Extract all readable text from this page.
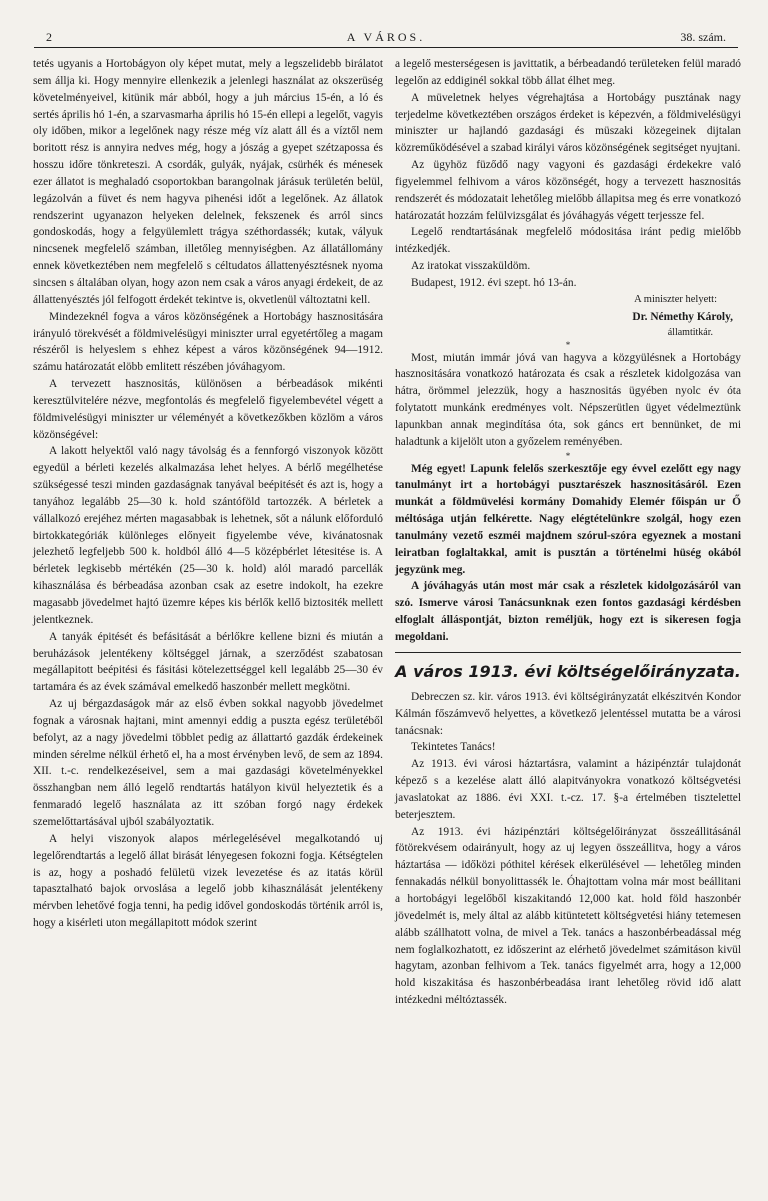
2	A VÁROS.	38. szám.

tetés ugyanis a Hortobágyon oly képet mutat, mely a legszelidebb birálatot sem állja ki. Hogy mennyire ellenkezik a jelenlegi használat az okszerüség követelményeivel, kitünik már abból, hogy a juh március 15-én, a ló és sertés április hó 1-én, a szarvasmarha április hó 15-én ellepi a legelőt, vagyis oly időben, mikor a legelőnek nagy része még víz alatt áll és a víztől nem boritott rész is annyira nedves még, hogy a jószág a gyepet szétzapossa és hosszu időre tönkreteszi. A csordák, gulyák, nyájak, csürhék és ménesek ezer állatot is meghaladó csoportokban barangolnak járásuk területén belül, legázolván a füvet és nem hagyva pihenési időt a legelőnek. Az állatok rendszerint ugyanazon helyeken delelnek, fekszenek és arról sincs gondoskodás, hogy a felgyülemlett trágya széthordassék; kutak, vályuk nincsenek megfelelő számban, illetőleg mennyiségben. Az állatállomány ennek következtében nem megfelelő s céltudatos állattenyésztésnek nyoma sincsen s általában olyan, hogy azon nem csak a város anyagi érdekeit, de az állattenyésztés jól felfogott érdekét tekintve is, okvetlenül változtatni kell.

Mindezeknél fogva a város közönségének a Hortobágy hasznositására irányuló törekvését a földmivelésügyi miniszter urral egyetértőleg a magam részéről is helyeslem s ehhez képest a város közönségének 94—1912. számu határozatát elöbb emlitett részében jóváhagyom.

A tervezett hasznositás, különösen a bérbeadások mikénti keresztülvitelére nézve, megfontolás és megfelelő figyelembevétel végett a földmivelésügyi miniszter ur véleményét a következőkben közlöm a város közönségével:

A lakott helyektől való nagy távolság és a fennforgó viszonyok között egyedül a bérleti kezelés alkalmazása lehet helyes. A bérlő megélhetése szükségessé teszi minden gazdaságnak tanyával beépitését és azt is, hogy a tanyához legalább 25—30 k. hold szántóföld tartozzék. A bérletek a vállalkozó erejéhez mérten magasabbak is lehetnek, sőt a nálunk előforduló birtokkategóriák különleges előnyeit figyelembe véve, kivánatosnak jelezhető legfeljebb 500 k. holdból álló 4—5 középbérlet létesitése is. A bérletek legkisebb mértékén (25—30 k. hold) alól maradó parcellák kihasználása és bérbeadása azonban csak az esetre indokolt, ha ezekre magasabb jövedelmet hajtó üzemre képes kis bérlők kellő biztositék mellett jelentkeznek.

A tanyák épitését és befásitását a bérlőkre kellene bizni és miután a beruházások jelentékeny költséggel járnak, a szerződést szabatosan megállapitott beépitési és fásitási kötelezettséggel kell legalább 25—30 év tartamára és az évek számával emelkedő haszonbér mellett megkötni.

Az uj bérgazdaságok már az első évben sokkal nagyobb jövedelmet fognak a városnak hajtani, mint amennyi eddig a puszta egész területéből befolyt, az a nagy jövedelmi többlet pedig az állattartó gazdák érdekeinek minden sérelme nélkül érhető el, ha a most érvényben levő, de sem az 1894. XII. t.-c. rendelkezéseivel, sem a mai gazdasági követelményekkel összhangban nem álló legelő rendtartás hatályon kivül helyeztetik és a fenmaradó legelő használata az itt szóban forgó nagy érdekek szemelőttartásával ujból szabályoztatik.

A helyi viszonyok alapos mérlegelésével megalkotandó uj legelőrendtartás a legelő állat birását lényegesen fokozni fogja. Kétségtelen is az, hogy a poshadó felületü vizek levezetése és az itatás körül tapasztalható bajok orvoslása a legelő jobb kihasználását jelentékeny mérvben lehetővé fogja tenni, ha pedig idővel gondoskodás történik arról is, hogy a kisérleti uton megállapitott módok szerint

a legelő mesterségesen is javittatik, a bérbeadandó területeken felül maradó legelőn az eddiginél sokkal több állat élhet meg.

A müveletnek helyes végrehajtása a Hortobágy pusztának nagy terjedelme következtében országos érdeket is képezvén, a földmivelésügyi miniszter ur hajlandó gazdasági és müszaki közegeinek dijtalan közreműködésével a szabad királyi város közönségének segitséget nyujtani.

Az ügyhöz füződő nagy vagyoni és gazdasági érdekekre való figyelemmel felhivom a város közönségét, hogy a tervezett hasznositás rendszerét és módozatait lehetőleg mielőbb állapitsa meg és erre vonatkozó határozatát hozzám felülvizsgálat és jóváhagyás végett terjessze fel.

Legelő rendtartásának megfelelő módositása iránt pedig mielőbb intézkedjék.

Az iratokat visszaküldöm.

Budapest, 1912. évi szept. hó 13-án.

A miniszter helyett:

Dr. Némethy Károly,

államtitkár.

*

Most, miután immár jóvá van hagyva a közgyülésnek a Hortobágy hasznositására vonatkozó határozata és csak a részletek kidolgozása van hátra, örömmel jelezzük, hogy a hasznositás ügyében nyolc év óta folytatott munkánk eredményes volt. Népszerütlen ügyet védelmeztünk lapunkban annak megindítása óta, sok gáncs ert bennünket, de mi haladtunk a kijelölt uton a győzelem reményében.

*

Még egyet! Lapunk felelős szerkesztője egy évvel ezelőtt egy nagy tanulmányt irt a hortobágyi pusztarészek hasznositásáról. Ezen munkát a földmüvelési kormány Domahidy Elemér főispán ur Ő méltósága utján felkérette. Nagy elégtételünkre szolgál, hogy ezen tanulmány vezető eszméi majdnem szórul-szóra egyeznek a mostani leiratban foglaltakkal, amit is pusztán a történelmi hüség okából jegyzünk meg.

A jóváhagyás után most már csak a részletek kidolgozásáról van szó. Ismerve városi Tanácsunknak ezen fontos gazdasági kérdésben elfoglalt álláspontját, bizton reméljük, hogy ezt is sikeresen fogja megoldani.

A város 1913. évi költségelőirányzata.

Debreczen sz. kir. város 1913. évi költségirányzatát elkészitvén Kondor Kálmán főszámvevő helyettes, a következő jelentéssel mutatta be a városi tanácsnak:

Tekintetes Tanács!

Az 1913. évi városi háztartásra, valamint a házipénztár tulajdonát képező s a kezelése alatt álló alapitványokra vonatkozó költségvetési javaslatokat az 1886. évi XXI. t.-cz. 17. §-a értelmében tisztelettel beterjesztem.

Az 1913. évi házipénztári költségelőirányzat összeállitásánál fötörekvésem odairányult, hogy az uj legyen összeállitva, hogy a város háztartása — időközi póthitel kérések elkerülésével — lehetőleg minden fennakadás nélkül bonyolittassék le. Óhajtottam volna már most beállitani a hortobágyi legelőből kiszakitandó 12,000 kat. hold föld haszonbér jövedelmét is, mely által az alább kitüntetett költségvetési hiány tetemesen alább szállhatott volna, de mivel a Tek. tanács a haszonbérbeadással még nem foglalkozhatott, ez időszerint az elérhető jövedelmet számitáson kivül hagytam, azonban felhivom a Tek. tanács figyelmét arra, hogy a 12,000 hold kiszakitása és haszonbérbeadása irant lehetőleg rövid idő alatt intézkedni méltóztassék.
